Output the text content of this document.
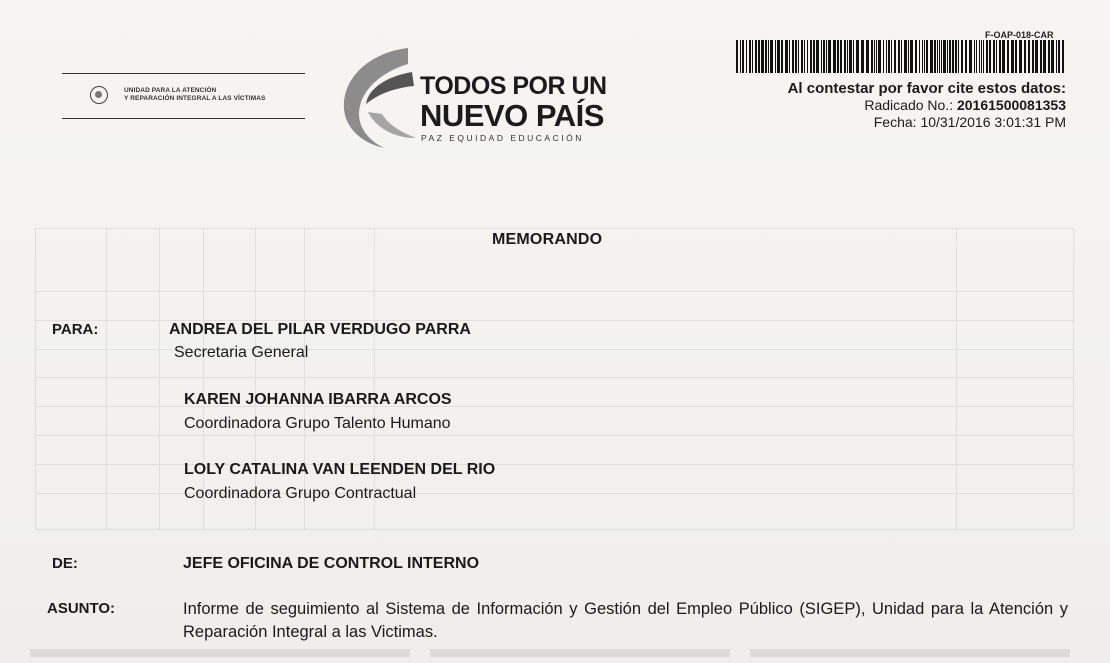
UNIDAD PARA LA ATENCIÓN
Y REPARACIÓN INTEGRAL A LAS VÍCTIMAS	TODOS POR UN
NUEVO PAÍS
PAZ EQUIDAD EDUCACIÓN
F-OAP-018-CAR
Al contestar por favor cite estos datos:
Radicado No.: 20161500081353
Fecha: 10/31/2016 3:01:31 PM
MEMORANDO
PARA:	ANDREA DEL PILAR VERDUGO PARRA
Secretaria General
KAREN JOHANNA IBARRA ARCOS
Coordinadora Grupo Talento Humano
LOLY CATALINA VAN LEENDEN DEL RIO
Coordinadora Grupo Contractual
DE:	JEFE OFICINA DE CONTROL INTERNO
ASUNTO:	Informe de seguimiento al Sistema de Información y Gestión del Empleo Público (SIGEP), Unidad para la Atención y Reparación Integral a las Victimas.
